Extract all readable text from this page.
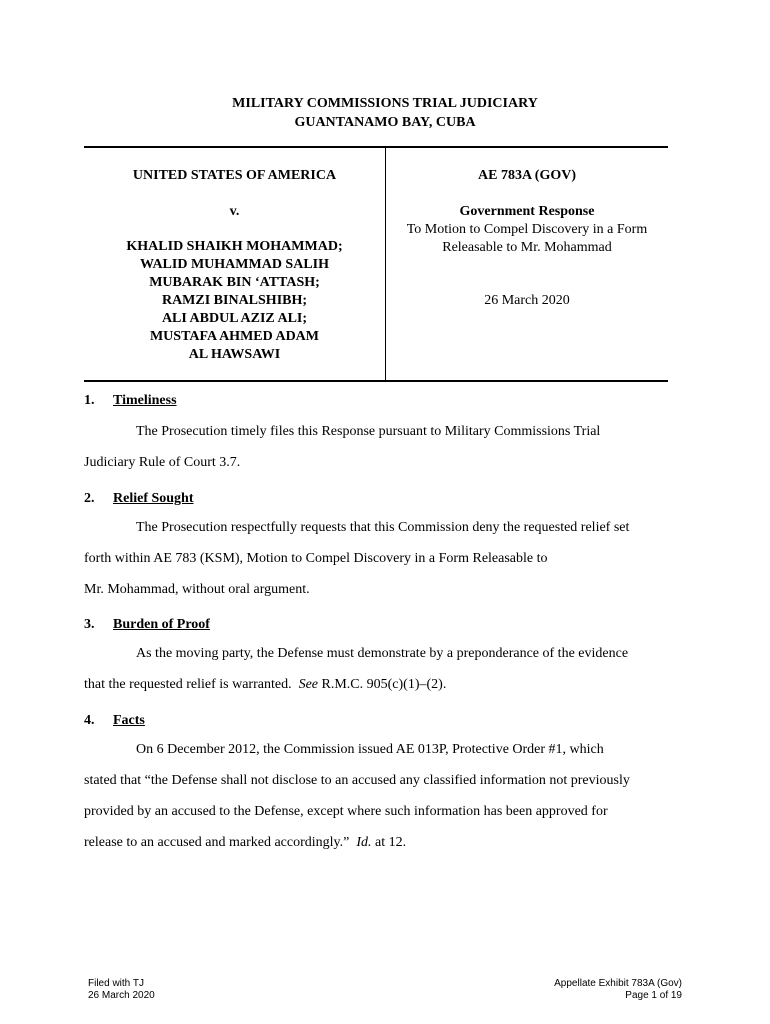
MILITARY COMMISSIONS TRIAL JUDICIARY
GUANTANAMO BAY, CUBA
UNITED STATES OF AMERICA
v.
KHALID SHAIKH MOHAMMAD;
WALID MUHAMMAD SALIH
MUBARAK BIN ‘ATTASH;
RAMZI BINALSHIBH;
ALI ABDUL AZIZ ALI;
MUSTAFA AHMED ADAM
AL HAWSAWI
AE 783A (GOV)
Government Response
To Motion to Compel Discovery in a Form
Releasable to Mr. Mohammad
26 March 2020
1. Timeliness
The Prosecution timely files this Response pursuant to Military Commissions Trial
Judiciary Rule of Court 3.7.
2. Relief Sought
The Prosecution respectfully requests that this Commission deny the requested relief set
forth within AE 783 (KSM), Motion to Compel Discovery in a Form Releasable to
Mr. Mohammad, without oral argument.
3. Burden of Proof
As the moving party, the Defense must demonstrate by a preponderance of the evidence
that the requested relief is warranted. See R.M.C. 905(c)(1)–(2).
4. Facts
On 6 December 2012, the Commission issued AE 013P, Protective Order #1, which
stated that “the Defense shall not disclose to an accused any classified information not previously
provided by an accused to the Defense, except where such information has been approved for
release to an accused and marked accordingly.” Id. at 12.
Filed with TJ
26 March 2020
Appellate Exhibit 783A (Gov)
Page 1 of 19
